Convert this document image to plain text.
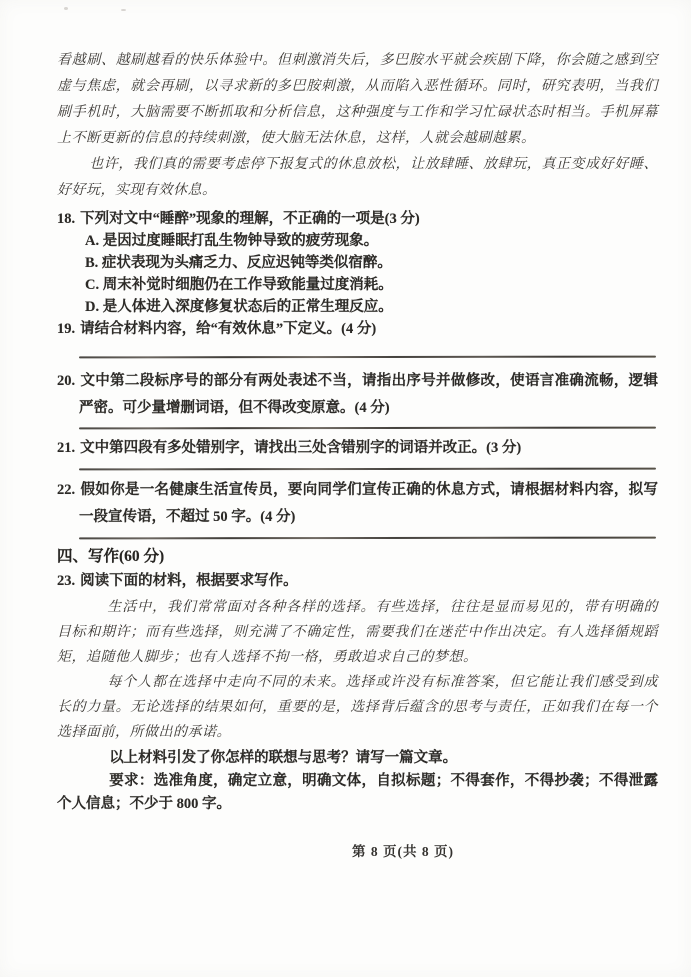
看越刷、越刷越看的快乐体验中。但刺激消失后，多巴胺水平就会疾剧下降，你会随之感到空虚与焦虑，就会再刷，以寻求新的多巴胺刺激，从而陷入恶性循环。同时，研究表明，当我们刷手机时，大脑需要不断抓取和分析信息，这种强度与工作和学习忙碌状态时相当。手机屏幕上不断更新的信息的持续刺激，使大脑无法休息，这样，人就会越刷越累。

也许，我们真的需要考虑停下报复式的休息放松，让放肆睡、放肆玩，真正变成好好睡、好好玩，实现有效休息。

18. 下列对文中“睡醉”现象的理解，不正确的一项是(3 分)
A. 是因过度睡眠打乱生物钟导致的疲劳现象。
B. 症状表现为头痛乏力、反应迟钝等类似宿醉。
C. 周末补觉时细胞仍在工作导致能量过度消耗。
D. 是人体进入深度修复状态后的正常生理反应。
19. 请结合材料内容，给“有效休息”下定义。(4 分)
20. 文中第二段标序号的部分有两处表述不当，请指出序号并做修改，使语言准确流畅，逻辑严密。可少量增删词语，但不得改变原意。(4 分)
21. 文中第四段有多处错别字，请找出三处含错别字的词语并改正。(3 分)
22. 假如你是一名健康生活宣传员，要向同学们宣传正确的休息方式，请根据材料内容，拟写一段宣传语，不超过 50 字。(4 分)
四、写作(60 分)
23. 阅读下面的材料，根据要求写作。

生活中，我们常常面对各种各样的选择。有些选择，往往是显而易见的，带有明确的目标和期许；而有些选择，则充满了不确定性，需要我们在迷茫中作出决定。有人选择循规蹈矩，追随他人脚步；也有人选择不拘一格，勇敢追求自己的梦想。

每个人都在选择中走向不同的未来。选择或许没有标准答案，但它能让我们感受到成长的力量。无论选择的结果如何，重要的是，选择背后蕴含的思考与责任，正如我们在每一个选择面前，所做出的承诺。

以上材料引发了你怎样的联想与思考？请写一篇文章。

要求：选准角度，确定立意，明确文体，自拟标题；不得套作，不得抄袭；不得泄露个人信息；不少于 800 字。

第 8 页(共 8 页)
